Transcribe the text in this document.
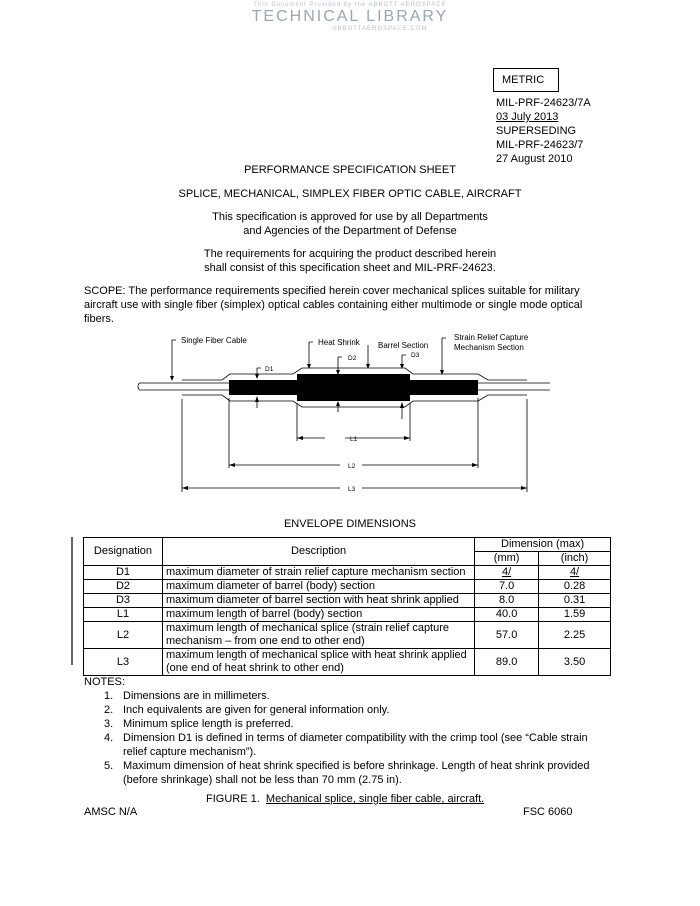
This Document Provided by the ABBOTT AEROSPACE
TECHNICAL LIBRARY
ABBOTTAEROSPACE.COM
METRIC
MIL-PRF-24623/7A
03 July 2013
SUPERSEDING
MIL-PRF-24623/7
27 August 2010
PERFORMANCE SPECIFICATION SHEET
SPLICE, MECHANICAL, SIMPLEX FIBER OPTIC CABLE, AIRCRAFT
This specification is approved for use by all Departments
and Agencies of the Department of Defense
The requirements for acquiring the product described herein
shall consist of this specification sheet and MIL-PRF-24623.
SCOPE: The performance requirements specified herein cover mechanical splices suitable for military
aircraft use with single fiber (simplex) optical cables containing either multimode or single mode optical
fibers.
Single Fiber Cable	Heat Shrink Barrel Section
Strain Relief Capture
Mechanism Section
D1
D2	D3
L1
L2
L3
ENVELOPE DIMENSIONS
Designation	Description	Dimension (max)	
		(mm)	(inch)
D1	maximum diameter of strain relief capture mechanism section	4/	4/
D2	maximum diameter of barrel (body) section	7.0	0.28
D3	maximum diameter of barrel section with heat shrink applied	8.0	0.31
L1	maximum length of barrel (body) section	40.0	1.59
L2	maximum length of mechanical splice (strain relief capture
mechanism – from one end to other end)	57.0	2.25
L3	maximum length of mechanical splice with heat shrink applied
(one end of heat shrink to other end)	89.0	3.50
NOTES:
1. Dimensions are in millimeters.
2. Inch equivalents are given for general information only.
3. Minimum splice length is preferred.
4. Dimension D1 is defined in terms of diameter compatibility with the crimp tool (see “Cable strain
relief capture mechanism”).
5. Maximum dimension of heat shrink specified is before shrinkage. Length of heat shrink provided
(before shrinkage) shall not be less than 70 mm (2.75 in).
FIGURE 1. Mechanical splice, single fiber cable, aircraft.
AMSC N/A	FSC 6060
